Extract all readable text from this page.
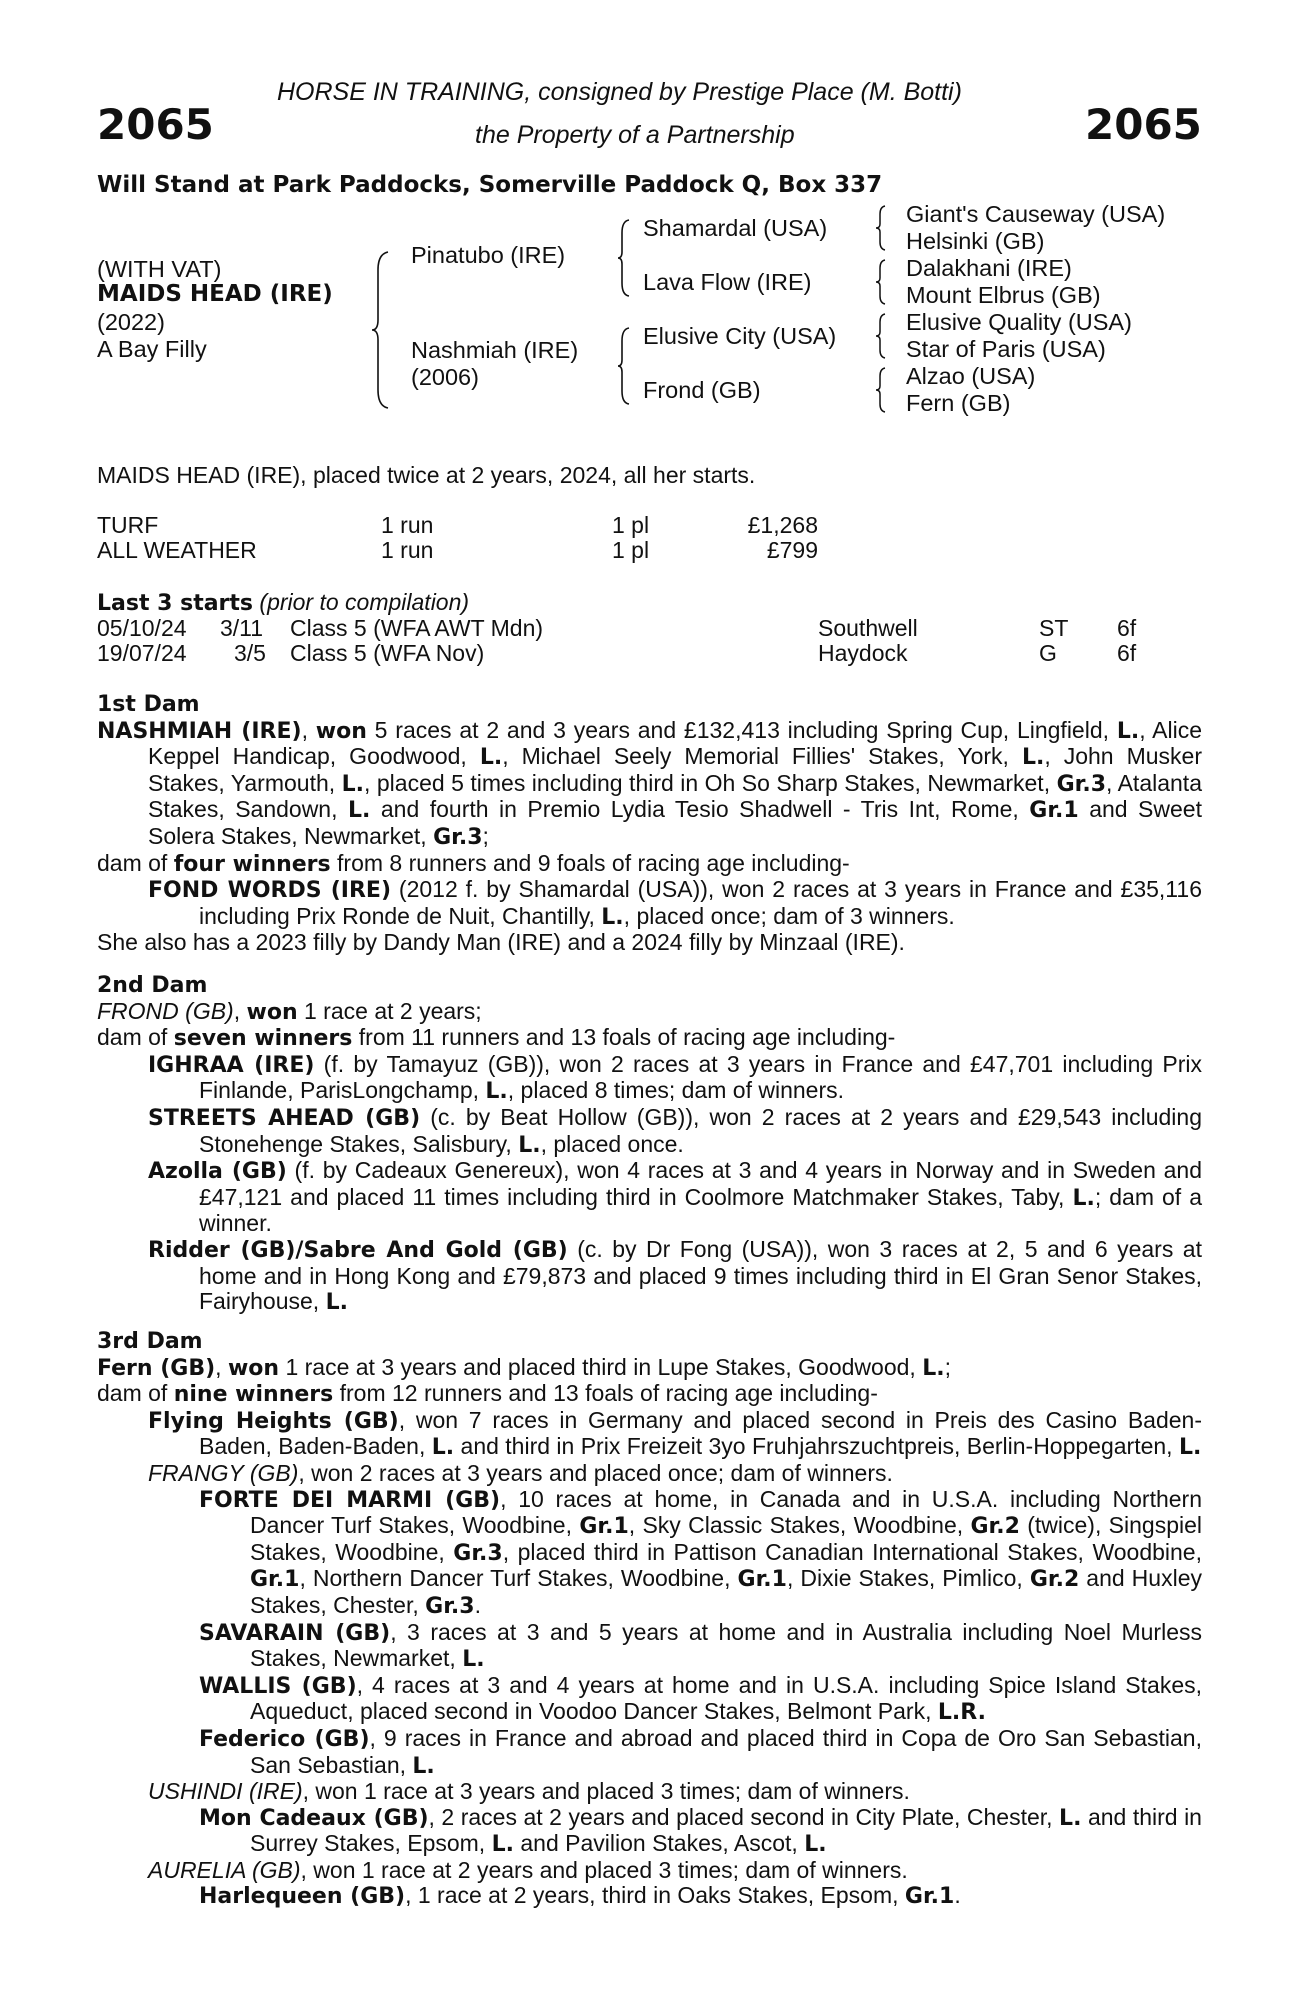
HORSE IN TRAINING, consigned by Prestige Place (M. Botti)
2065	the Property of a Partnership	2065
Will Stand at Park Paddocks, Somerville Paddock Q, Box 337
(WITH VAT)
MAIDS HEAD (IRE)
(2022)
A Bay Filly
Pinatubo (IRE)
Nashmiah (IRE)
(2006)
Shamardal (USA)
Lava Flow (IRE)
Elusive City (USA)
Frond (GB)
Giant's Causeway (USA)
Helsinki (GB)
Dalakhani (IRE)
Mount Elbrus (GB)
Elusive Quality (USA)
Star of Paris (USA)
Alzao (USA)
Fern (GB)
MAIDS HEAD (IRE), placed twice at 2 years, 2024, all her starts.
TURF	1 run	1 pl	£1,268
ALL WEATHER	1 run	1 pl	£799
Last 3 starts (prior to compilation)
05/10/24 3/11 Class 5 (WFA AWT Mdn)	Southwell	ST 6f
19/07/24 3/5 Class 5 (WFA Nov)	Haydock	G	6f

1st Dam

NASHMIAH (IRE), won 5 races at 2 and 3 years and £132,413 including Spring Cup, Lingfield, L., Alice Keppel Handicap, Goodwood, L., Michael Seely Memorial Fillies' Stakes, York, L., John Musker Stakes, Yarmouth, L., placed 5 times including third in Oh So Sharp Stakes, Newmarket, Gr.3, Atalanta Stakes, Sandown, L. and fourth in Premio Lydia Tesio Shadwell - Tris Int, Rome, Gr.1 and Sweet Solera Stakes, Newmarket, Gr.3;

dam of four winners from 8 runners and 9 foals of racing age including-

FOND WORDS (IRE) (2012 f. by Shamardal (USA)), won 2 races at 3 years in France and £35,116 including Prix Ronde de Nuit, Chantilly, L., placed once; dam of 3 winners.

She also has a 2023 filly by Dandy Man (IRE) and a 2024 filly by Minzaal (IRE).

2nd Dam

FROND (GB), won 1 race at 2 years;

dam of seven winners from 11 runners and 13 foals of racing age including-

IGHRAA (IRE) (f. by Tamayuz (GB)), won 2 races at 3 years in France and £47,701 including Prix Finlande, ParisLongchamp, L., placed 8 times; dam of winners.

STREETS AHEAD (GB) (c. by Beat Hollow (GB)), won 2 races at 2 years and £29,543 including Stonehenge Stakes, Salisbury, L., placed once.

Azolla (GB) (f. by Cadeaux Genereux), won 4 races at 3 and 4 years in Norway and in Sweden and £47,121 and placed 11 times including third in Coolmore Matchmaker Stakes, Taby, L.; dam of a winner.

Ridder (GB)/Sabre And Gold (GB) (c. by Dr Fong (USA)), won 3 races at 2, 5 and 6 years at home and in Hong Kong and £79,873 and placed 9 times including third in El Gran Senor Stakes, Fairyhouse, L.

3rd Dam

Fern (GB), won 1 race at 3 years and placed third in Lupe Stakes, Goodwood, L.;

dam of nine winners from 12 runners and 13 foals of racing age including-

Flying Heights (GB), won 7 races in Germany and placed second in Preis des Casino Baden-Baden, Baden-Baden, L. and third in Prix Freizeit 3yo Fruhjahrszuchtpreis, Berlin-Hoppegarten, L.

FRANGY (GB), won 2 races at 3 years and placed once; dam of winners.

FORTE DEI MARMI (GB), 10 races at home, in Canada and in U.S.A. including Northern Dancer Turf Stakes, Woodbine, Gr.1, Sky Classic Stakes, Woodbine, Gr.2 (twice), Singspiel Stakes, Woodbine, Gr.3, placed third in Pattison Canadian International Stakes, Woodbine, Gr.1, Northern Dancer Turf Stakes, Woodbine, Gr.1, Dixie Stakes, Pimlico, Gr.2 and Huxley Stakes, Chester, Gr.3.

SAVARAIN (GB), 3 races at 3 and 5 years at home and in Australia including Noel Murless Stakes, Newmarket, L.

WALLIS (GB), 4 races at 3 and 4 years at home and in U.S.A. including Spice Island Stakes, Aqueduct, placed second in Voodoo Dancer Stakes, Belmont Park, L.R.

Federico (GB), 9 races in France and abroad and placed third in Copa de Oro San Sebastian, San Sebastian, L.

USHINDI (IRE), won 1 race at 3 years and placed 3 times; dam of winners.

Mon Cadeaux (GB), 2 races at 2 years and placed second in City Plate, Chester, L. and third in Surrey Stakes, Epsom, L. and Pavilion Stakes, Ascot, L.

AURELIA (GB), won 1 race at 2 years and placed 3 times; dam of winners.

Harlequeen (GB), 1 race at 2 years, third in Oaks Stakes, Epsom, Gr.1.
